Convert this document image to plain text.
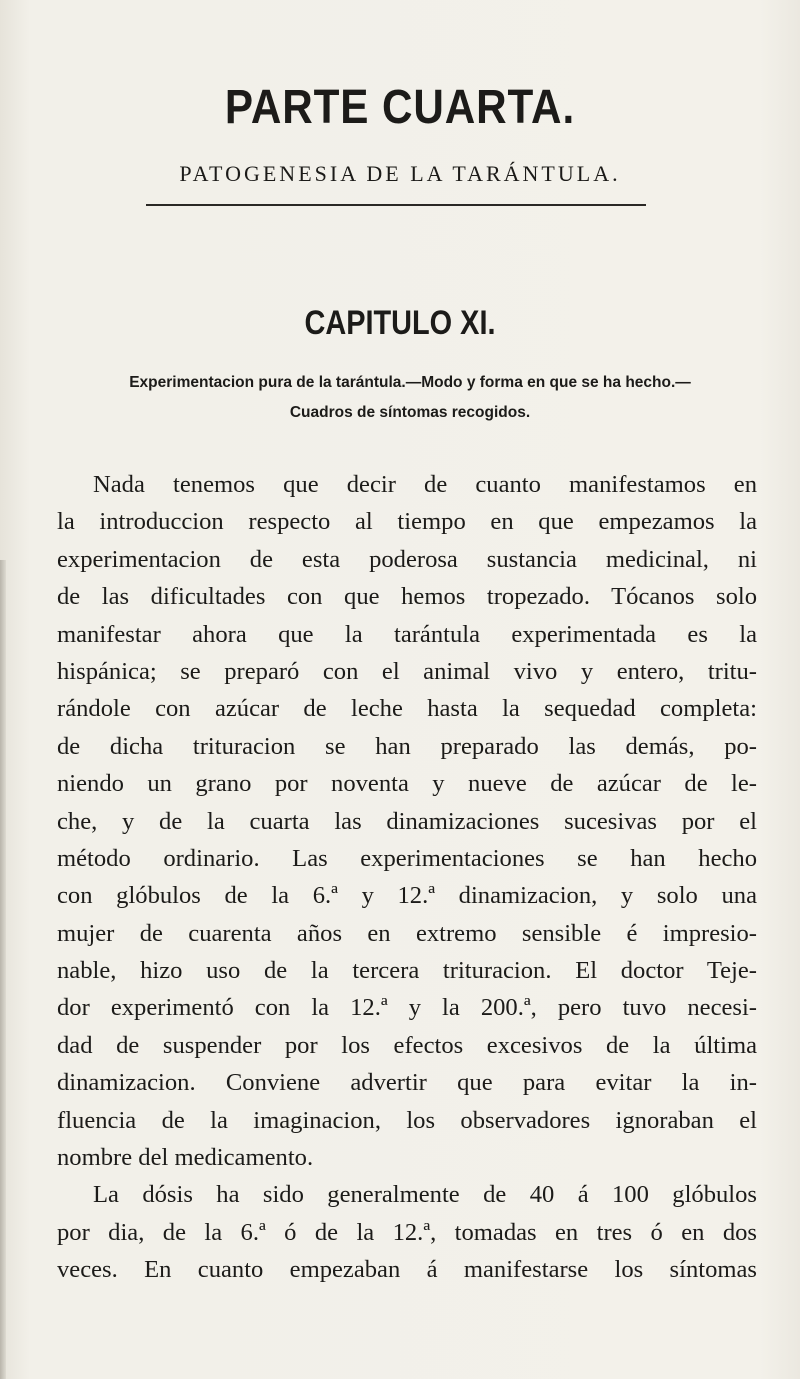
PARTE CUARTA.
PATOGENESIA DE LA TARÁNTULA.
CAPITULO XI.
Experimentacion pura de la tarántula.—Modo y forma en que se ha hecho.—
Cuadros de síntomas recogidos.
Nada tenemos que decir de cuanto manifestamos en
la introduccion respecto al tiempo en que empezamos la
experimentacion de esta poderosa sustancia medicinal, ni
de las dificultades con que hemos tropezado. Tócanos solo
manifestar ahora que la tarántula experimentada es la
hispánica; se preparó con el animal vivo y entero, tritu-
rándole con azúcar de leche hasta la sequedad completa:
de dicha trituracion se han preparado las demás, po-
niendo un grano por noventa y nueve de azúcar de le-
che, y de la cuarta las dinamizaciones sucesivas por el
método ordinario. Las experimentaciones se han hecho
con glóbulos de la 6.ª y 12.ª dinamizacion, y solo una
mujer de cuarenta años en extremo sensible é impresio-
nable, hizo uso de la tercera trituracion. El doctor Teje-
dor experimentó con la 12.ª y la 200.ª, pero tuvo necesi-
dad de suspender por los efectos excesivos de la última
dinamizacion. Conviene advertir que para evitar la in-
fluencia de la imaginacion, los observadores ignoraban el
nombre del medicamento.
La dósis ha sido generalmente de 40 á 100 glóbulos
por dia, de la 6.ª ó de la 12.ª, tomadas en tres ó en dos
veces. En cuanto empezaban á manifestarse los síntomas
